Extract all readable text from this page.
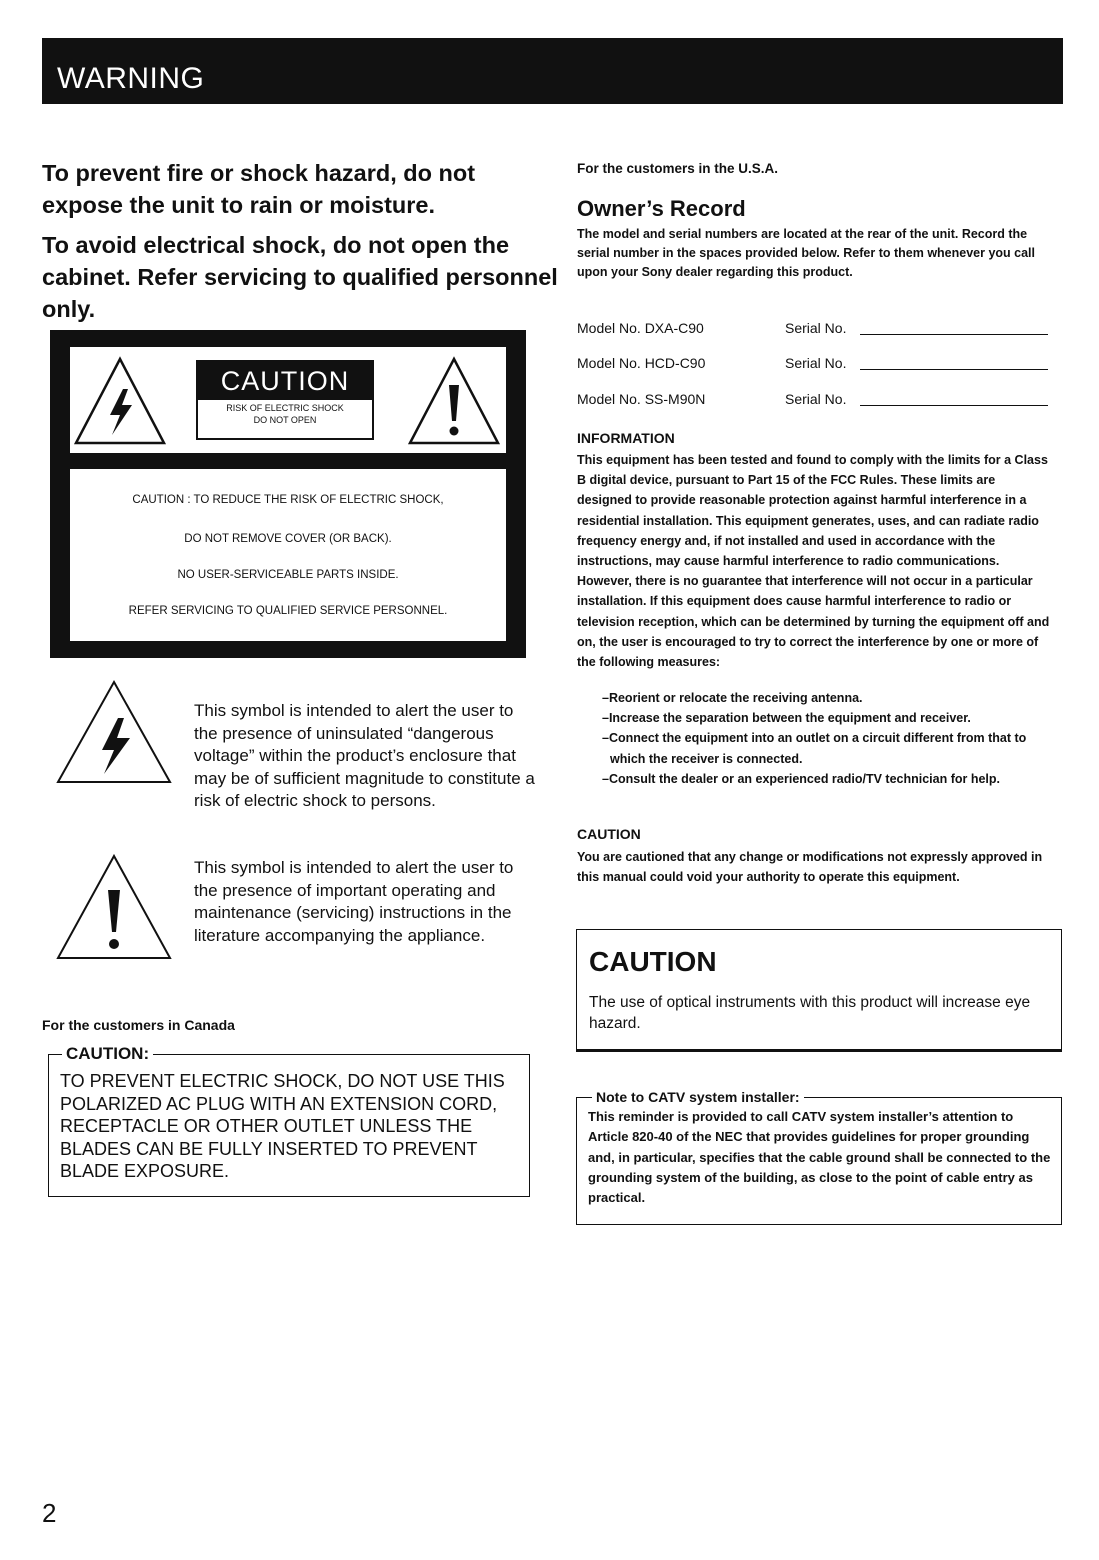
WARNING

To prevent fire or shock hazard, do not expose the unit to rain or moisture.

To avoid electrical shock, do not open the cabinet. Refer servicing to qualified personnel only.

CAUTION
RISK OF ELECTRIC SHOCK
DO NOT OPEN
CAUTION : TO REDUCE THE RISK OF ELECTRIC SHOCK,
DO NOT REMOVE COVER (OR BACK).
NO USER-SERVICEABLE PARTS INSIDE.
REFER SERVICING TO QUALIFIED SERVICE PERSONNEL.
This symbol is intended to alert the user to the presence of uninsulated “dangerous voltage” within the product’s enclosure that may be of sufficient magnitude to constitute a risk of electric shock to persons.
This symbol is intended to alert the user to the presence of important operating and maintenance (servicing) instructions in the literature accompanying the appliance.
For the customers in Canada
CAUTION:
TO PREVENT ELECTRIC SHOCK, DO NOT USE THIS POLARIZED AC PLUG WITH AN EXTENSION CORD, RECEPTACLE OR OTHER OUTLET UNLESS THE BLADES CAN BE FULLY INSERTED TO PREVENT BLADE EXPOSURE.
For the customers in the U.S.A.
Owner’s Record
The model and serial numbers are located at the rear of the unit. Record the serial number in the spaces provided below. Refer to them whenever you call upon your Sony dealer regarding this product.
Model No. DXA-C90	Serial No.
Model No. HCD-C90	Serial No.
Model No. SS-M90N	Serial No.
INFORMATION
This equipment has been tested and found to comply with the limits for a Class B digital device, pursuant to Part 15 of the FCC Rules. These limits are designed to provide reasonable protection against harmful interference in a residential installation. This equipment generates, uses, and can radiate radio frequency energy and, if not installed and used in accordance with the instructions, may cause harmful interference to radio communications. However, there is no guarantee that interference will not occur in a particular installation. If this equipment does cause harmful interference to radio or television reception, which can be determined by turning the equipment off and on, the user is encouraged to try to correct the interference by one or more of the following measures:
–Reorient or relocate the receiving antenna.
–Increase the separation between the equipment and receiver.
–Connect the equipment into an outlet on a circuit different from that to which the receiver is connected.
–Consult the dealer or an experienced radio/TV technician for help.
CAUTION
You are cautioned that any change or modifications not expressly approved in this manual could void your authority to operate this equipment.
CAUTION
The use of optical instruments with this product will increase eye hazard.
Note to CATV system installer:
This reminder is provided to call CATV system installer’s attention to Article 820-40 of the NEC that provides guidelines for proper grounding and, in particular, specifies that the cable ground shall be connected to the grounding system of the building, as close to the point of cable entry as practical.
2
